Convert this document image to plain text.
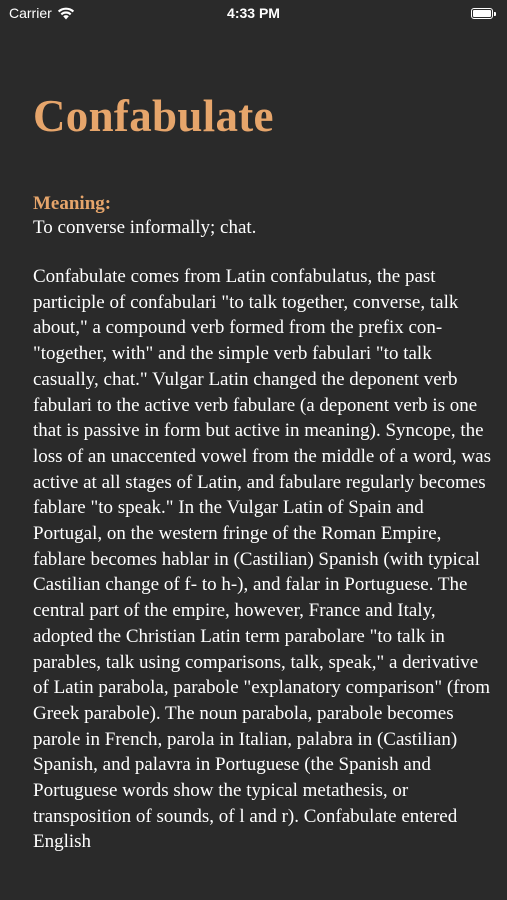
Carrier	4:33 PM
Confabulate
Meaning:
To converse informally; chat.
Confabulate comes from Latin confabulatus, the past participle of confabulari "to talk together, converse, talk about," a compound verb formed from the prefix con- "together, with" and the simple verb fabulari "to talk casually, chat." Vulgar Latin changed the deponent verb fabulari to the active verb fabulare (a deponent verb is one that is passive in form but active in meaning). Syncope, the loss of an unaccented vowel from the middle of a word, was active at all stages of Latin, and fabulare regularly becomes fablare "to speak." In the Vulgar Latin of Spain and Portugal, on the western fringe of the Roman Empire, fablare becomes hablar in (Castilian) Spanish (with typical Castilian change of f- to h-), and falar in Portuguese. The central part of the empire, however, France and Italy, adopted the Christian Latin term parabolare "to talk in parables, talk using comparisons, talk, speak," a derivative of Latin parabola, parabole "explanatory comparison" (from Greek parabole). The noun parabola, parabole becomes parole in French, parola in Italian, palabra in (Castilian) Spanish, and palavra in Portuguese (the Spanish and Portuguese words show the typical metathesis, or transposition of sounds, of l and r). Confabulate entered English
